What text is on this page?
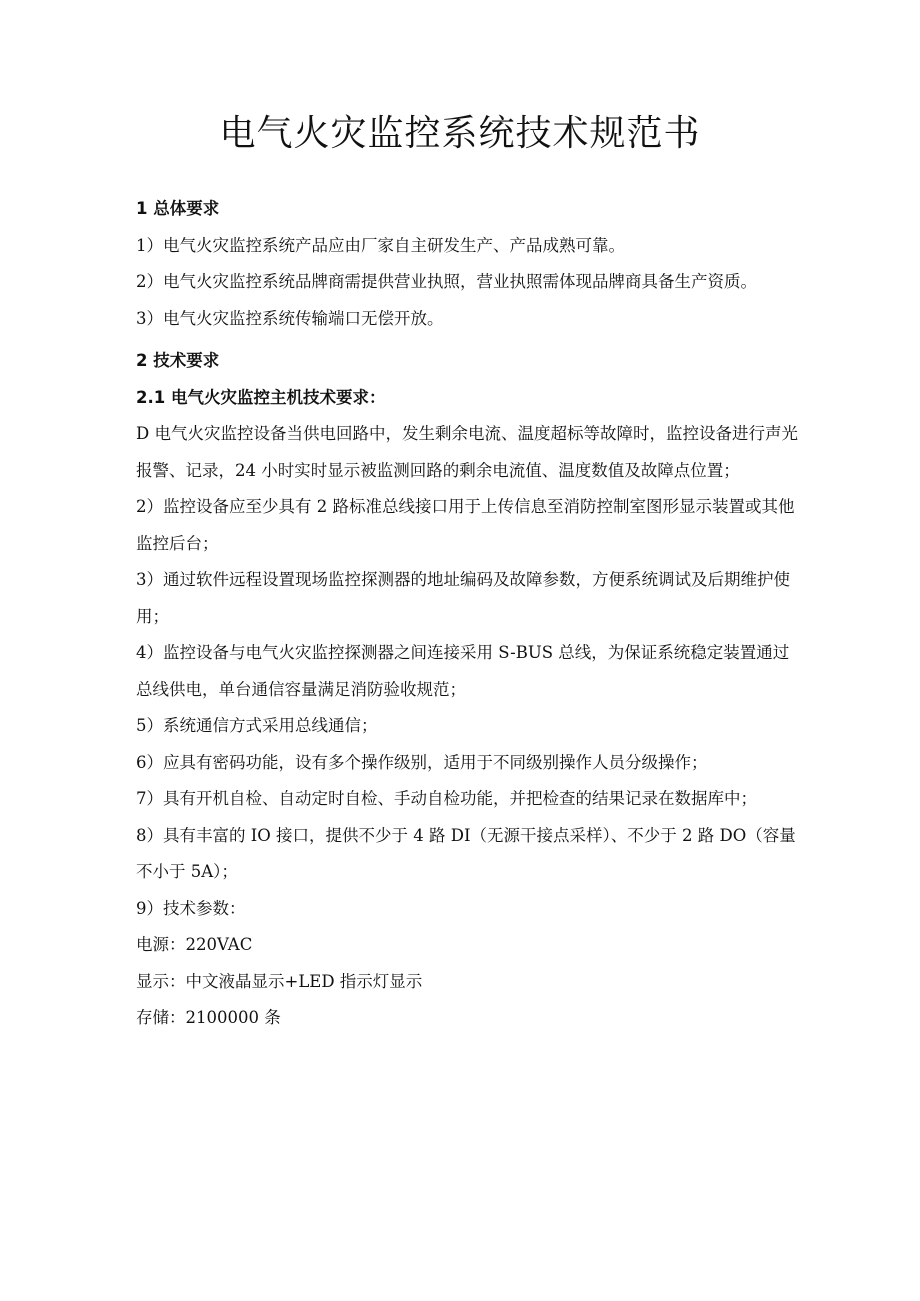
电气火灾监控系统技术规范书

1 总体要求

1）电气火灾监控系统产品应由厂家自主研发生产、产品成熟可靠。

2）电气火灾监控系统品牌商需提供营业执照，营业执照需体现品牌商具备生产资质。

3）电气火灾监控系统传输端口无偿开放。

2 技术要求

2.1 电气火灾监控主机技术要求：

D 电气火灾监控设备当供电回路中，发生剩余电流、温度超标等故障时，监控设备进行声光报警、记录，24 小时实时显示被监测回路的剩余电流值、温度数值及故障点位置；

2）监控设备应至少具有 2 路标准总线接口用于上传信息至消防控制室图形显示装置或其他监控后台；

3）通过软件远程设置现场监控探测器的地址编码及故障参数，方便系统调试及后期维护使用；

4）监控设备与电气火灾监控探测器之间连接采用 S-BUS 总线，为保证系统稳定装置通过总线供电，单台通信容量满足消防验收规范；

5）系统通信方式采用总线通信；

6）应具有密码功能，设有多个操作级别，适用于不同级别操作人员分级操作；

7）具有开机自检、自动定时自检、手动自检功能，并把检查的结果记录在数据库中；

8）具有丰富的 IO 接口，提供不少于 4 路 DI（无源干接点采样）、不少于 2 路 DO（容量不小于 5A）；

9）技术参数：

电源：220VAC

显示：中文液晶显示+LED 指示灯显示

存储：2100000 条
